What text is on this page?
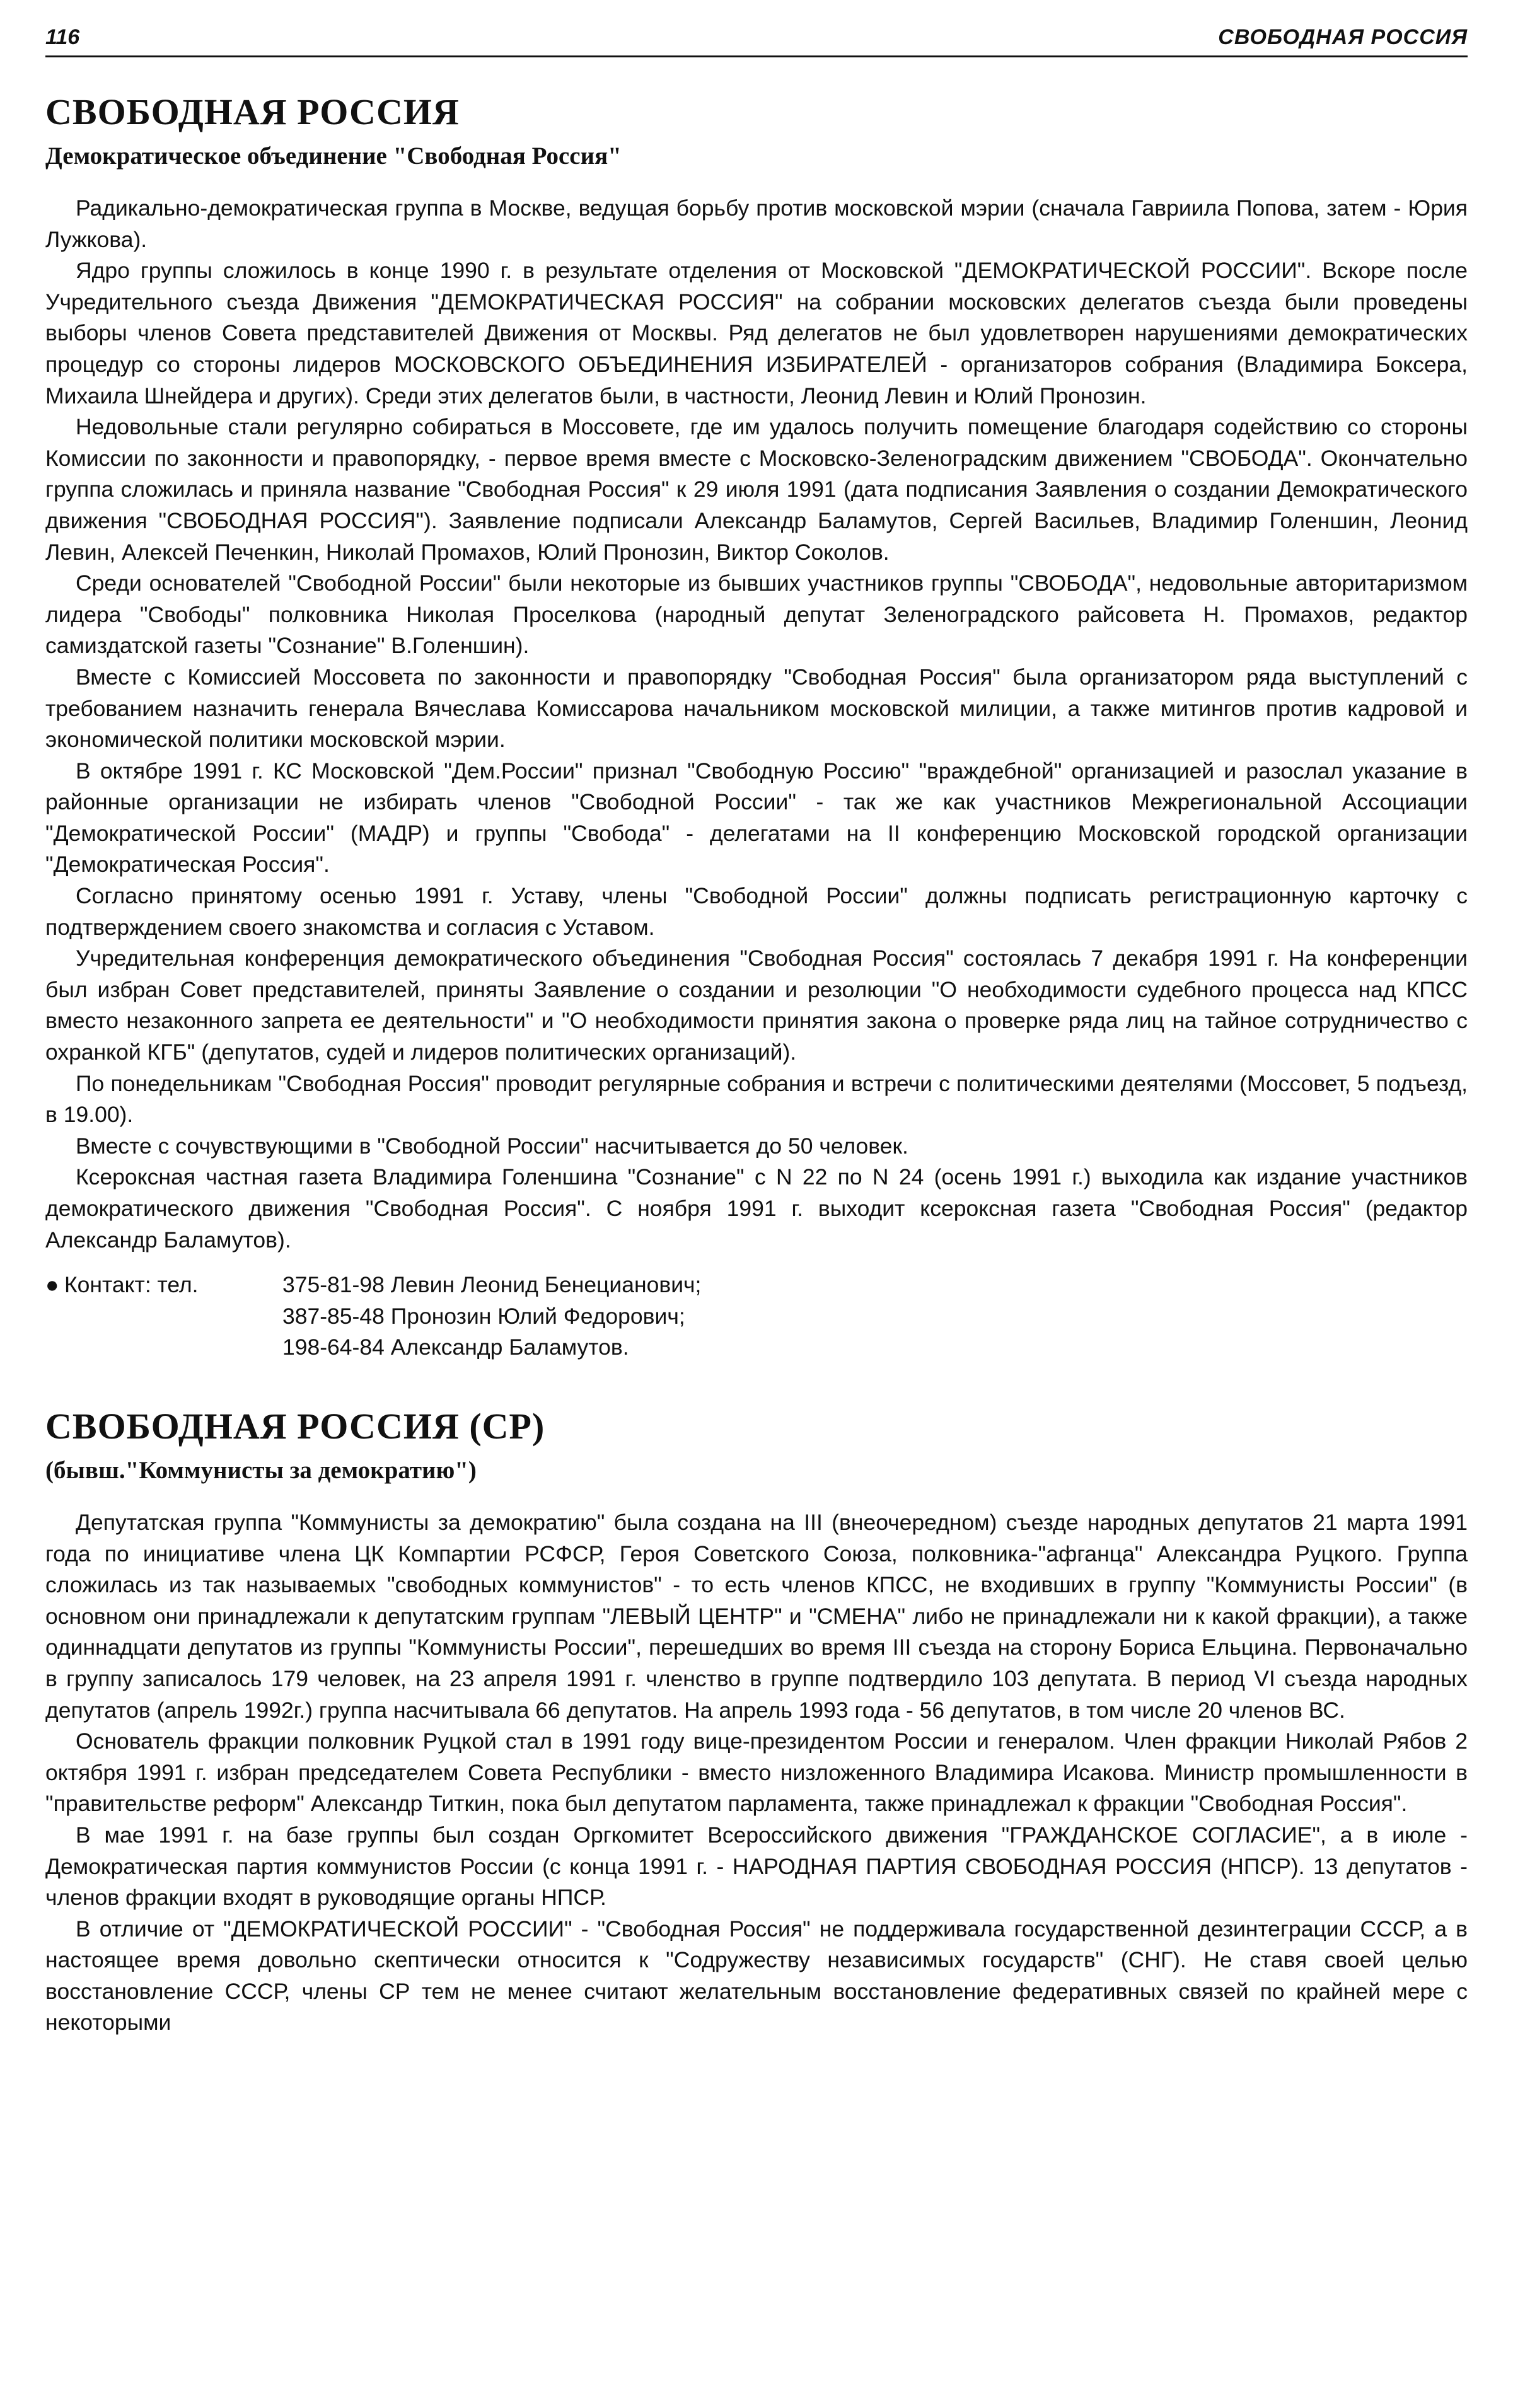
116	СВОБОДНАЯ РОССИЯ
СВОБОДНАЯ РОССИЯ
Демократическое объединение "Свободная Россия"

Радикально-демократическая группа в Москве, ведущая борьбу против московской мэрии (сначала Гавриила Попова, затем - Юрия Лужкова).

Ядро группы сложилось в конце 1990 г. в результате отделения от Московской "ДЕМОКРАТИЧЕСКОЙ РОССИИ". Вскоре после Учредительного съезда Движения "ДЕМОКРАТИЧЕСКАЯ РОССИЯ" на собрании московских делегатов съезда были проведены выборы членов Совета представителей Движения от Москвы. Ряд делегатов не был удовлетворен нарушениями демократических процедур со стороны лидеров МОСКОВСКОГО ОБЪЕДИНЕНИЯ ИЗБИРАТЕЛЕЙ - организаторов собрания (Владимира Боксера, Михаила Шнейдера и других). Среди этих делегатов были, в частности, Леонид Левин и Юлий Пронозин.

Недовольные стали регулярно собираться в Моссовете, где им удалось получить помещение благодаря содействию со стороны Комиссии по законности и правопорядку, - первое время вместе с Московско-Зеленоградским движением "СВОБОДА". Окончательно группа сложилась и приняла название "Свободная Россия" к 29 июля 1991 (дата подписания Заявления о создании Демократического движения "СВОБОДНАЯ РОССИЯ"). Заявление подписали Александр Баламутов, Сергей Васильев, Владимир Голеншин, Леонид Левин, Алексей Печенкин, Николай Промахов, Юлий Пронозин, Виктор Соколов.

Среди основателей "Свободной России" были некоторые из бывших участников группы "СВОБОДА", недовольные авторитаризмом лидера "Свободы" полковника Николая Проселкова (народный депутат Зеленоградского райсовета Н. Промахов, редактор самиздатской газеты "Сознание" В.Голеншин).

Вместе с Комиссией Моссовета по законности и правопорядку "Свободная Россия" была организатором ряда выступлений с требованием назначить генерала Вячеслава Комиссарова начальником московской милиции, а также митингов против кадровой и экономической политики московской мэрии.

В октябре 1991 г. КС Московской "Дем.России" признал "Свободную Россию" "враждебной" организацией и разослал указание в районные организации не избирать членов "Свободной России" - так же как участников Межрегиональной Ассоциации "Демократической России" (МАДР) и группы "Свобода" - делегатами на II конференцию Московской городской организации "Демократическая Россия".

Согласно принятому осенью 1991 г. Уставу, члены "Свободной России" должны подписать регистрационную карточку с подтверждением своего знакомства и согласия с Уставом.

Учредительная конференция демократического объединения "Свободная Россия" состоялась 7 декабря 1991 г. На конференции был избран Совет представителей, приняты Заявление о создании и резолюции "О необходимости судебного процесса над КПСС вместо незаконного запрета ее деятельности" и "О необходимости принятия закона о проверке ряда лиц на тайное сотрудничество с охранкой КГБ" (депутатов, судей и лидеров политических организаций).

По понедельникам "Свободная Россия" проводит регулярные собрания и встречи с политическими деятелями (Моссовет, 5 подъезд, в 19.00).

Вместе с сочувствующими в "Свободной России" насчитывается до 50 человек.

Ксероксная частная газета Владимира Голеншина "Сознание" с N 22 по N 24 (осень 1991 г.) выходила как издание участников демократического движения "Свободная Россия". С ноября 1991 г. выходит ксероксная газета "Свободная Россия" (редактор Александр Баламутов).

● Контакт: тел.	375-81-98 Левин Леонид Бенецианович;
387-85-48 Пронозин Юлий Федорович;
198-64-84 Александр Баламутов.
СВОБОДНАЯ РОССИЯ (СР)
(бывш."Коммунисты за демократию")

Депутатская группа "Коммунисты за демократию" была создана на III (внеочередном) съезде народных депутатов 21 марта 1991 года по инициативе члена ЦК Компартии РСФСР, Героя Советского Союза, полковника-"афганца" Александра Руцкого. Группа сложилась из так называемых "свободных коммунистов" - то есть членов КПСС, не входивших в группу "Коммунисты России" (в основном они принадлежали к депутатским группам "ЛЕВЫЙ ЦЕНТР" и "СМЕНА" либо не принадлежали ни к какой фракции), а также одиннадцати депутатов из группы "Коммунисты России", перешедших во время III съезда на сторону Бориса Ельцина. Первоначально в группу записалось 179 человек, на 23 апреля 1991 г. членство в группе подтвердило 103 депутата. В период VI съезда народных депутатов (апрель 1992г.) группа насчитывала 66 депутатов. На апрель 1993 года - 56 депутатов, в том числе 20 членов ВС.

Основатель фракции полковник Руцкой стал в 1991 году вице-президентом России и генералом. Член фракции Николай Рябов 2 октября 1991 г. избран председателем Совета Республики - вместо низложенного Владимира Исакова. Министр промышленности в "правительстве реформ" Александр Титкин, пока был депутатом парламента, также принадлежал к фракции "Свободная Россия".

В мае 1991 г. на базе группы был создан Оргкомитет Всероссийского движения "ГРАЖДАНСКОЕ СОГЛАСИЕ", а в июле - Демократическая партия коммунистов России (с конца 1991 г. - НАРОДНАЯ ПАРТИЯ СВОБОДНАЯ РОССИЯ (НПСР). 13 депутатов - членов фракции входят в руководящие органы НПСР.

В отличие от "ДЕМОКРАТИЧЕСКОЙ РОССИИ" - "Свободная Россия" не поддерживала государственной дезинтеграции СССР, а в настоящее время довольно скептически относится к "Содружеству независимых государств" (СНГ). Не ставя своей целью восстановление СССР, члены СР тем не менее считают желательным восстановление федеративных связей по крайней мере с некоторыми
